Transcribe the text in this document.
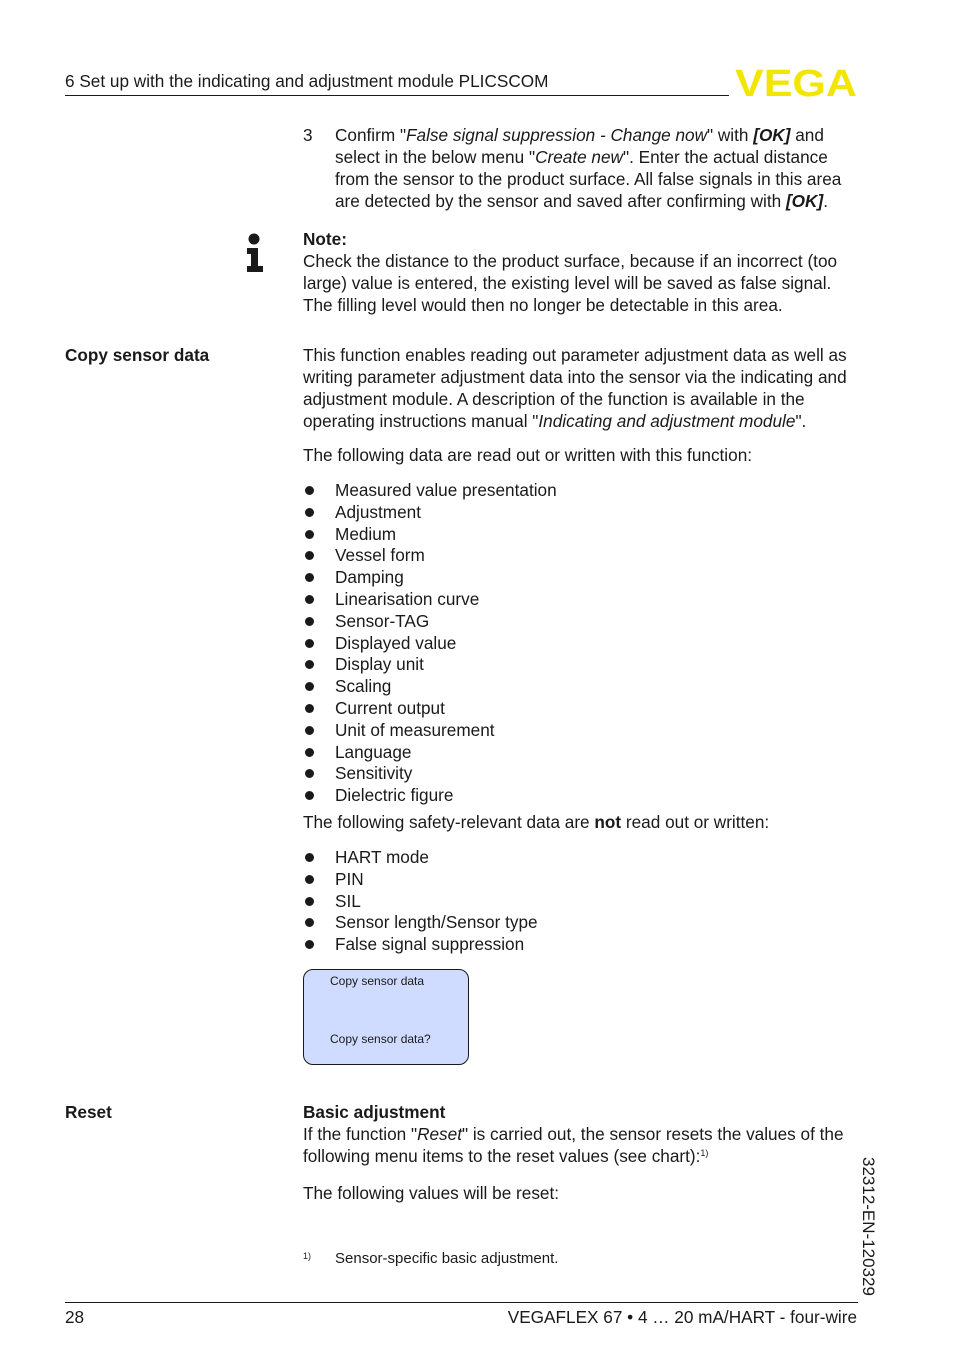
6 Set up with the indicating and adjustment module PLICSCOM	VEGA
3 Confirm "False signal suppression - Change now" with [OK] and select in the below menu "Create new". Enter the actual distance from the sensor to the product surface. All false signals in this area are detected by the sensor and saved after confirming with [OK].

Note:

Check the distance to the product surface, because if an incorrect (too large) value is entered, the existing level will be saved as false signal. The filling level would then no longer be detectable in this area.

Copy sensor data	This function enables reading out parameter adjustment data as well as writing parameter adjustment data into the sensor via the indicating and adjustment module. A description of the function is available in the operating instructions manual "Indicating and adjustment module".

The following data are read out or written with this function:
Measured value presentation
Adjustment
Medium
Vessel form
Damping
Linearisation curve
Sensor-TAG
Displayed value
Display unit
Scaling
Current output
Unit of measurement
Language
Sensitivity
Dielectric figure

The following safety-relevant data are not read out or written:

HART mode
PIN
SIL
Sensor length/Sensor type
False signal suppression
Copy sensor data
Copy sensor data?
Reset	Basic adjustment

If the function "Reset" is carried out, the sensor resets the values of the following menu items to the reset values (see chart):$^{1)}$

The following values will be reset:
1) Sensor-specific basic adjustment.	32312-EN-120329
28	VEGAFLEX 67 • 4 … 20 mA/HART - four-wire
